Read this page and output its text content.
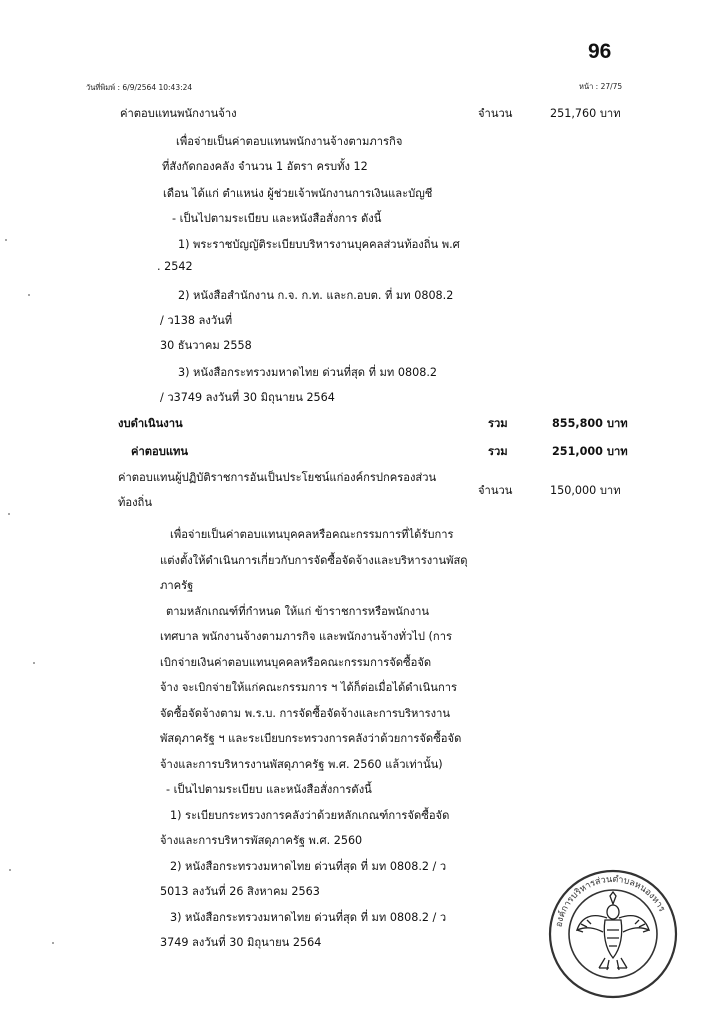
96
วันที่พิมพ์ : 6/9/2564 10:43:24	หน้า : 27/75
ค่าตอบแทนพนักงานจ้าง	จำนวน	251,760 บาท
เพื่อจ่ายเป็นค่าตอบแทนพนักงานจ้างตามภารกิจ
ที่สังกัดกองคลัง จำนวน 1 อัตรา ครบทั้ง 12
เดือน ได้แก่ ตำแหน่ง ผู้ช่วยเจ้าพนักงานการเงินและบัญชี
- เป็นไปตามระเบียบ และหนังสือสั่งการ ดังนี้
1) พระราชบัญญัติระเบียบบริหารงานบุคคลส่วนท้องถิ่น พ.ศ
. 2542
2) หนังสือสำนักงาน ก.จ. ก.ท. และก.อบต. ที่ มท 0808.2
/ ว138 ลงวันที่
30 ธันวาคม 2558
3) หนังสือกระทรวงมหาดไทย ด่วนที่สุด ที่ มท 0808.2
/ ว3749 ลงวันที่ 30 มิถุนายน 2564
งบดำเนินงาน	รวม	855,800 บาท
ค่าตอบแทน	รวม	251,000 บาท
ค่าตอบแทนผู้ปฏิบัติราชการอันเป็นประโยชน์แก่องค์กรปกครองส่วน
ท้องถิ่น
จำนวน	150,000 บาท
เพื่อจ่ายเป็นค่าตอบแทนบุคคลหรือคณะกรรมการที่ได้รับการ
แต่งตั้งให้ดำเนินการเกี่ยวกับการจัดซื้อจัดจ้างและบริหารงานพัสดุ
ภาครัฐ
ตามหลักเกณฑ์ที่กำหนด ให้แก่ ข้าราชการหรือพนักงาน
เทศบาล พนักงานจ้างตามภารกิจ และพนักงานจ้างทั่วไป (การ
เบิกจ่ายเงินค่าตอบแทนบุคคลหรือคณะกรรมการจัดซื้อจัด
จ้าง จะเบิกจ่ายให้แก่คณะกรรมการ ฯ ได้ก็ต่อเมื่อได้ดำเนินการ
จัดซื้อจัดจ้างตาม พ.ร.บ. การจัดซื้อจัดจ้างและการบริหารงาน
พัสดุภาครัฐ ฯ และระเบียบกระทรวงการคลังว่าด้วยการจัดซื้อจัด
จ้างและการบริหารงานพัสดุภาครัฐ พ.ศ. 2560 แล้วเท่านั้น)
- เป็นไปตามระเบียบ และหนังสือสั่งการดังนี้
1) ระเบียบกระทรวงการคลังว่าด้วยหลักเกณฑ์การจัดซื้อจัด
จ้างและการบริหารพัสดุภาครัฐ พ.ศ. 2560
2) หนังสือกระทรวงมหาดไทย ด่วนที่สุด ที่ มท 0808.2 / ว
5013 ลงวันที่ 26 สิงหาคม 2563
3) หนังสือกระทรวงมหาดไทย ด่วนที่สุด ที่ มท 0808.2 / ว
3749 ลงวันที่ 30 มิถุนายน 2564
องค์การบริหารส่วนตำบลหนองหาร
